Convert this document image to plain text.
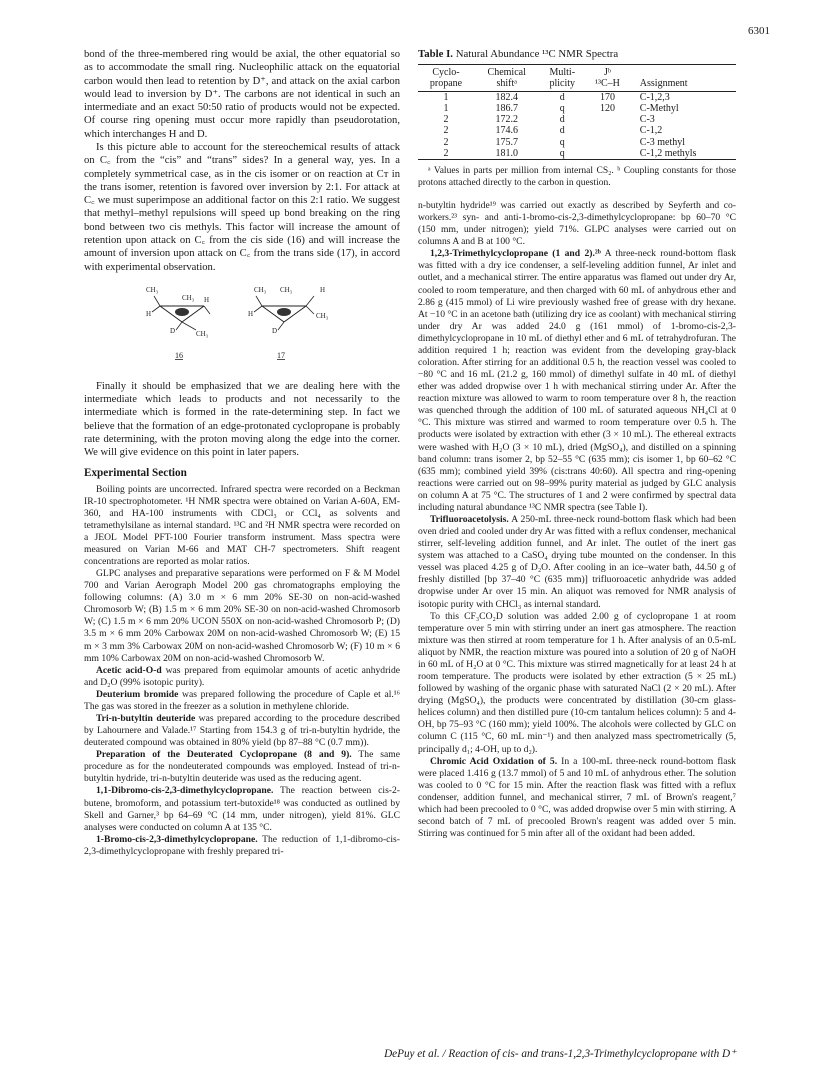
6301

bond of the three-membered ring would be axial, the other equatorial so as to accommodate the small ring. Nucleophilic attack on the equatorial carbon would then lead to retention by D⁺, and attack on the axial carbon would lead to inversion by D⁺. The carbons are not identical in such an intermediate and an exact 50:50 ratio of products would not be expected. Of course ring opening must occur more rapidly than pseudorotation, which interchanges H and D.

Is this picture able to account for the stereochemical results of attack on C꜀ from the “cis” and “trans” sides? In a general way, yes. In a completely symmetrical case, as in the cis isomer or on reaction at Cᴛ in the trans isomer, retention is favored over inversion by 2:1. For attack at C꜀ we must superimpose an additional factor on this 2:1 ratio. We suggest that methyl–methyl repulsions will speed up bond breaking on the ring bond between two cis methyls. This factor will increase the amount of retention upon attack on C꜀ from the cis side (16) and will increase the amount of inversion upon attack on C꜀ from the trans side (17), in accord with experimental observation.

CH₃
CH₃ H
H
D	CH₃
16
CH₃ CH₃	H
H	CH₃
D
17

Finally it should be emphasized that we are dealing here with the intermediate which leads to products and not necessarily to the intermediate which is formed in the rate-determining step. In fact we believe that the formation of an edge-protonated cyclopropane is probably rate determining, with the proton moving along the edge into the corner. We will give evidence on this point in later papers.

Experimental Section

Boiling points are uncorrected. Infrared spectra were recorded on a Beckman IR-10 spectrophotometer. ¹H NMR spectra were obtained on Varian A-60A, EM-360, and HA-100 instruments with CDCl₃ or CCl₄ as solvents and tetramethylsilane as internal standard. ¹³C and ²H NMR spectra were recorded on a JEOL Model PFT-100 Fourier transform instrument. Mass spectra were measured on Varian M-66 and MAT CH-7 spectrometers. Shift reagent concentrations are reported as molar ratios.

GLPC analyses and preparative separations were performed on F & M Model 700 and Varian Aerograph Model 200 gas chromatographs employing the following columns: (A) 3.0 m × 6 mm 20% SE-30 on non-acid-washed Chromosorb W; (B) 1.5 m × 6 mm 20% SE-30 on non-acid-washed Chromosorb W; (C) 1.5 m × 6 mm 20% UCON 550X on non-acid-washed Chromosorb P; (D) 3.5 m × 6 mm 20% Carbowax 20M on non-acid-washed Chromosorb W; (E) 15 m × 3 mm 3% Carbowax 20M on non-acid-washed Chromosorb W; (F) 10 m × 6 mm 10% Carbowax 20M on non-acid-washed Chromosorb W.

Acetic acid-O-d was prepared from equimolar amounts of acetic anhydride and D₂O (99% isotopic purity).

Deuterium bromide was prepared following the procedure of Caple et al.¹⁶ The gas was stored in the freezer as a solution in methylene chloride.

Tri-n-butyltin deuteride was prepared according to the procedure described by Lahournere and Valade.¹⁷ Starting from 154.3 g of tri-n-butyltin hydride, the deuterated compound was obtained in 80% yield (bp 87–88 °C (0.7 mm)).

Preparation of the Deuterated Cyclopropane (8 and 9). The same procedure as for the nondeuterated compounds was employed. Instead of tri-n-butyltin hydride, tri-n-butyltin deuteride was used as the reducing agent.

1,1-Dibromo-cis-2,3-dimethylcyclopropane. The reaction between cis-2-butene, bromoform, and potassium tert-butoxide¹⁸ was conducted as outlined by Skell and Garner,³ bp 64–69 °C (14 mm, under nitrogen), yield 81%. GLC analyses were conducted on column A at 135 °C.

1-Bromo-cis-2,3-dimethylcyclopropane. The reduction of 1,1-dibromo-cis-2,3-dimethylcyclopropane with freshly prepared tri-

Table I. Natural Abundance ¹³C NMR Spectra
Cyclo-	Chemical	Multi-	Jᵇ	
propane	shiftᵃ	plicity	¹³C–H	Assignment
1	182.4	d	170	C-1,2,3
1	186.7	q	120	C-Methyl
2	172.2	d		C-3
2	174.6	d		C-1,2
2	175.7	q		C-3 methyl
2	181.0	q		C-1,2 methyls
ᵃ Values in parts per million from internal CS₂. ᵇ Coupling constants for those protons attached directly to the carbon in question.

n-butyltin hydride¹⁹ was carried out exactly as described by Seyferth and co-workers.²³ syn- and anti-1-bromo-cis-2,3-dimethylcyclopropane: bp 60–70 °C (150 mm, under nitrogen); yield 71%. GLPC analyses were carried out on columns A and B at 100 °C.

1,2,3-Trimethylcyclopropane (1 and 2).²ᵇ A three-neck round-bottom flask was fitted with a dry ice condenser, a self-leveling addition funnel, Ar inlet and outlet, and a mechanical stirrer. The entire apparatus was flamed out under dry Ar, cooled to room temperature, and then charged with 60 mL of anhydrous ether and 2.86 g (415 mmol) of Li wire previously washed free of grease with dry hexane. At −10 °C in an acetone bath (utilizing dry ice as coolant) with mechanical stirring under dry Ar was added 24.0 g (161 mmol) of 1-bromo-cis-2,3-dimethylcyclopropane in 10 mL of diethyl ether and 6 mL of tetrahydrofuran. The addition required 1 h; reaction was evident from the developing gray-black coloration. After stirring for an additional 0.5 h, the reaction vessel was cooled to −80 °C and 16 mL (21.2 g, 160 mmol) of dimethyl sulfate in 40 mL of diethyl ether was added dropwise over 1 h with mechanical stirring under Ar. After the reaction mixture was allowed to warm to room temperature over 8 h, the reaction was quenched through the addition of 100 mL of saturated aqueous NH₄Cl at 0 °C. This mixture was stirred and warmed to room temperature over 0.5 h. The products were isolated by extraction with ether (3 × 10 mL). The ethereal extracts were washed with H₂O (3 × 10 mL), dried (MgSO₄), and distilled on a spinning band column: trans isomer 2, bp 52–55 °C (635 mm); cis isomer 1, bp 60–62 °C (635 mm); combined yield 39% (cis:trans 40:60). All spectra and ring-opening reactions were carried out on 98–99% purity material as judged by GLC analysis on column A at 75 °C. The structures of 1 and 2 were confirmed by spectral data including natural abundance ¹³C NMR spectra (see Table I).

Trifluoroacetolysis. A 250-mL three-neck round-bottom flask which had been oven dried and cooled under dry Ar was fitted with a reflux condenser, mechanical stirrer, self-leveling addition funnel, and Ar inlet. The outlet of the inert gas system was attached to a CaSO₄ drying tube mounted on the condenser. In this vessel was placed 4.25 g of D₂O. After cooling in an ice–water bath, 44.50 g of freshly distilled [bp 37–40 °C (635 mm)] trifluoroacetic anhydride was added dropwise under Ar over 15 min. An aliquot was removed for NMR analysis of isotopic purity with CHCl₃ as internal standard.

To this CF₃CO₂D solution was added 2.00 g of cyclopropane 1 at room temperature over 5 min with stirring under an inert gas atmosphere. The reaction mixture was then stirred at room temperature for 1 h. After analysis of an 0.5-mL aliquot by NMR, the reaction mixture was poured into a solution of 20 g of NaOH in 60 mL of H₂O at 0 °C. This mixture was stirred magnetically for at least 24 h at room temperature. The products were isolated by ether extraction (5 × 25 mL) followed by washing of the organic phase with saturated NaCl (2 × 20 mL). After drying (MgSO₄), the products were concentrated by distillation (30-cm glass-helices column) and then distilled pure (10-cm tantalum helices column): 5 and 4-OH, bp 75–93 °C (160 mm); yield 100%. The alcohols were collected by GLC on column C (115 °C, 60 mL min⁻¹) and then analyzed mass spectrometrically (5, principally d₁; 4-OH, up to d₂).

Chromic Acid Oxidation of 5. In a 100-mL three-neck round-bottom flask were placed 1.416 g (13.7 mmol) of 5 and 10 mL of anhydrous ether. The solution was cooled to 0 °C for 15 min. After the reaction flask was fitted with a reflux condenser, addition funnel, and mechanical stirrer, 7 mL of Brown's reagent,⁷ which had been precooled to 0 °C, was added dropwise over 5 min with stirring. A second batch of 7 mL of precooled Brown's reagent was added over 5 min. Stirring was continued for 5 min after all of the oxidant had been added.

DePuy et al. / Reaction of cis- and trans-1,2,3-Trimethylcyclopropane with D⁺
